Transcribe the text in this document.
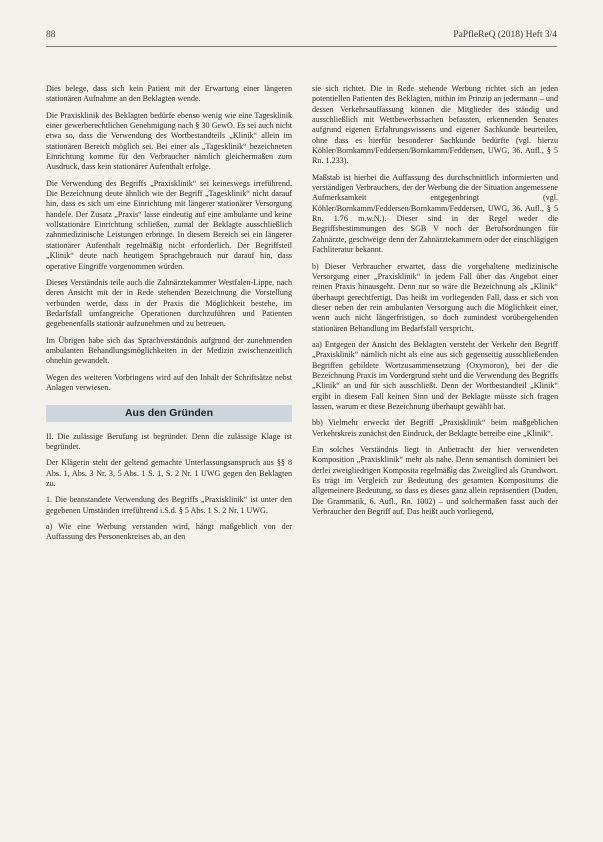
88	PaPfleReQ (2018) Heft 3/4

Dies belege, dass sich kein Patient mit der Erwartung einer längeren stationären Aufnahme an den Beklagten wende.

Die Praxisklinik des Beklagten bedürfe ebenso wenig wie eine Tagesklinik einer gewerberechtlichen Genehmigung nach § 30 GewO. Es sei auch nicht etwa so, dass die Verwendung des Wortbestandteils „Klinik“ allein im stationären Bereich möglich sei. Bei einer als „Tagesklinik“ bezeichneten Einrichtung komme für den Verbraucher nämlich gleichermaßen zum Ausdruck, dass kein stationärer Aufenthalt erfolge.

Die Verwendung des Begriffs „Praxisklinik“ sei keineswegs irreführend. Die Bezeichnung deute ähnlich wie der Begriff „Tagesklinik“ nicht darauf hin, dass es sich um eine Einrichtung mit längerer stationärer Versorgung handele. Der Zusatz „Praxis“ lasse eindeutig auf eine ambulante und keine vollstationäre Einrichtung schließen, zumal der Beklagte ausschließlich zahnmedizinische Leistungen erbringe. In diesem Bereich sei ein längerer stationärer Aufenthalt regelmäßig nicht erforderlich. Der Begriffsteil „Klinik“ deute nach heutigem Sprachgebrauch nur darauf hin, dass operative Eingriffe vorgenommen würden.

Dieses Verständnis teile auch die Zahnärztekammer Westfalen-Lippe, nach deren Ansicht mit der in Rede stehenden Bezeichnung die Vorstellung verbunden werde, dass in der Praxis die Möglichkeit bestehe, im Bedarfsfall umfangreiche Operationen durchzuführen und Patienten gegebenenfalls stationär aufzunehmen und zu betreuen.

Im Übrigen habe sich das Sprachverständnis aufgrund der zunehmenden ambulanten Behandlungsmöglichkeiten in der Medizin zwischenzeitlich ohnehin gewandelt.

Wegen des weiteren Vorbringens wird auf den Inhalt der Schriftsätze nebst Anlagen verwiesen.

Aus den Gründen

II. Die zulässige Berufung ist begründet. Denn die zulässige Klage ist begründet.

Der Klägerin steht der geltend gemachte Unterlassungsanspruch aus §§ 8 Abs. 1, Abs. 3 Nr. 3, 5 Abs. 1 S. 1, S. 2 Nr. 1 UWG gegen den Beklagten zu.

1. Die beanstandete Verwendung des Begriffs „Praxisklinik“ ist unter den gegebenen Umständen irreführend i.S.d. § 5 Abs. 1 S. 2 Nr. 1 UWG.

a) Wie eine Werbung verstanden wird, hängt maßgeblich von der Auffassung des Personenkreises ab, an den

sie sich richtet. Die in Rede stehende Werbung richtet sich an jeden potentiellen Patienten des Beklagten, mithin im Prinzip an jedermann – und dessen Verkehrsauffassung können die Mitglieder des ständig und ausschließlich mit Wettbewerbssachen befassten, erkennenden Senates aufgrund eigenen Erfahrungswissens und eigener Sachkunde beurteilen, ohne dass es hierfür besonderer Sachkunde bedürfte (vgl. hierzu Köhler/Bornkamm/Feddersen/Bornkamm/Feddersen, UWG, 36. Aufl., § 5 Rn. 1.233).

Maßstab ist hierbei die Auffassung des durchschnittlich informierten und verständigen Verbrauchers, der der Werbung die der Situation angemessene Aufmerksamkeit entgegenbringt (vgl. Köhler/Bornkamm/Feddersen/Bornkamm/Feddersen, UWG, 36. Aufl., § 5 Rn. 1.76 m.w.N.). Dieser sind in der Regel weder die Begriffsbestimmungen des SGB V noch der Berufsordnungen für Zahnärzte, geschweige denn der Zahnärztekammern oder der einschlägigen Fachliteratur bekannt.

b) Dieser Verbraucher erwartet, dass die vorgehaltene medizinische Versorgung einer „Praxisklinik“ in jedem Fall über das Angebot einer reinen Praxis hinausgeht. Denn nur so wäre die Bezeichnung als „Klinik“ überhaupt gerechtfertigt. Das heißt im vorliegenden Fall, dass er sich von dieser neben der rein ambulanten Versorgung auch die Möglichkeit einer, wenn auch nicht längerfristigen, so doch zumindest vorübergehenden stationären Behandlung im Bedarfsfall verspricht.

aa) Entgegen der Ansicht des Beklagten versteht der Verkehr den Begriff „Praxisklinik“ nämlich nicht als eine aus sich gegenseitig ausschließenden Begriffen gebildete Wortzusammensetzung (Oxymoron), bei der die Bezeichnung Praxis im Vordergrund steht und die Verwendung des Begriffs „Klinik“ an und für sich ausschließt. Denn der Wortbestandteil „Klinik“ ergibt in diesem Fall keinen Sinn und der Beklagte müsste sich fragen lassen, warum er diese Bezeichnung überhaupt gewählt hat.

bb) Vielmehr erweckt der Begriff „Praxisklinik“ beim maßgeblichen Verkehrskreis zunächst den Eindruck, der Beklagte betreibe eine „Klinik“.

Ein solches Verständnis liegt in Anbetracht der hier verwendeten Komposition „Praxisklinik“ mehr als nahe. Denn semantisch dominiert bei derlei zweigliedrigen Komposita regelmäßig das Zweitglied als Grundwort. Es trägt im Vergleich zur Bedeutung des gesamten Kompositums die allgemeinere Bedeutung, so dass es dieses ganz allein repräsentiert (Duden, Die Grammatik, 6. Aufl., Rn. 1002) – und solchermaßen fasst auch der Verbraucher den Begriff auf. Das heißt auch vorliegend,
